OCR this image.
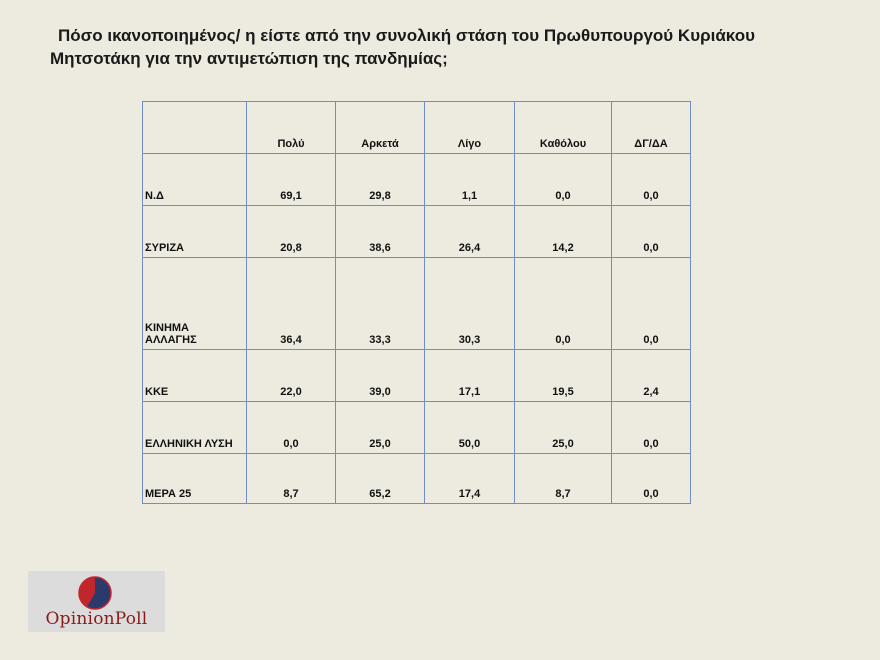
Πόσο ικανοποιημένος/ η είστε από την συνολική στάση του Πρωθυπουργού Κυριάκου
Μητσοτάκη για την αντιμετώπιση της πανδημίας;
	Πολύ	Αρκετά	Λίγο	Καθόλου	ΔΓ/ΔΑ
Ν.Δ	69,1	29,8	1,1	0,0	0,0
ΣΥΡΙΖΑ	20,8	38,6	26,4	14,2	0,0
ΚΙΝΗΜΑ
ΑΛΛΑΓΗΣ	36,4	33,3	30,3	0,0	0,0
ΚΚΕ	22,0	39,0	17,1	19,5	2,4
ΕΛΛΗΝΙΚΗ ΛΥΣΗ	0,0	25,0	50,0	25,0	0,0
ΜΕΡΑ 25	8,7	65,2	17,4	8,7	0,0
OpinionPoll
